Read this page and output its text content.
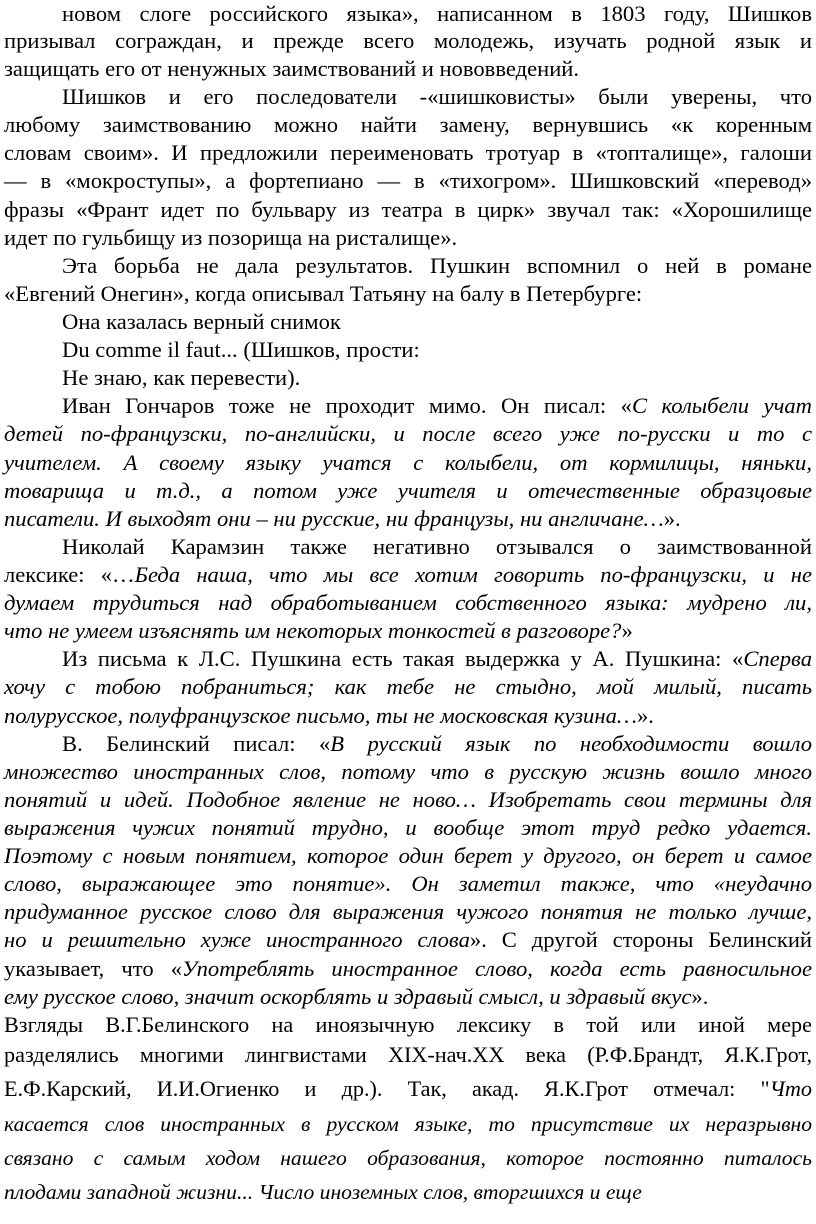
новом слоге российского языка», написанном в 1803 году, Шишков
призывал сограждан, и прежде всего молодежь, изучать родной язык и
защищать его от ненужных заимствований и нововведений.
Шишков и его последователи -«шишковисты» были уверены, что
любому заимствованию можно найти замену, вернувшись «к коренным
словам своим». И предложили переименовать тротуар в «топталище», галоши
— в «мокроступы», а фортепиано — в «тихогром». Шишковский «перевод»
фразы «Франт идет по бульвару из театра в цирк» звучал так: «Хорошилище
идет по гульбищу из позорища на ристалище».
Эта борьба не дала результатов. Пушкин вспомнил о ней в романе
«Евгений Онегин», когда описывал Татьяну на балу в Петербурге:
Она казалась верный снимок
Du comme il faut... (Шишков, прости:
Не знаю, как перевести).
Иван Гончаров тоже не проходит мимо. Он писал: «С колыбели учат
детей по-французски, по-английски, и после всего уже по-русски и то с
учителем. А своему языку учатся с колыбели, от кормилицы, няньки,
товарища и т.д., а потом уже учителя и отечественные образцовые
писатели. И выходят они – ни русские, ни французы, ни англичане…».
Николай Карамзин также негативно отзывался о заимствованной
лексике: «…Беда наша, что мы все хотим говорить по-французски, и не
думаем трудиться над обработыванием собственного языка: мудрено ли,
что не умеем изъяснять им некоторых тонкостей в разговоре?»
Из письма к Л.С. Пушкина есть такая выдержка у А. Пушкина: «Сперва
хочу с тобою побраниться; как тебе не стыдно, мой милый, писать
полурусское, полуфранцузское письмо, ты не московская кузина…».
В. Белинский писал: «В русский язык по необходимости вошло
множество иностранных слов, потому что в русскую жизнь вошло много
понятий и идей. Подобное явление не ново… Изобретать свои термины для
выражения чужих понятий трудно, и вообще этот труд редко удается.
Поэтому с новым понятием, которое один берет у другого, он берет и самое
слово, выражающее это понятие». Он заметил также, что «неудачно
придуманное русское слово для выражения чужого понятия не только лучше,
но и решительно хуже иностранного слова». С другой стороны Белинский
указывает, что «Употреблять иностранное слово, когда есть равносильное
ему русское слово, значит оскорблять и здравый смысл, и здравый вкус».
Взгляды В.Г.Белинского на иноязычную лексику в той или иной мере
разделялись многими лингвистами XIX-нач.XX века (Р.Ф.Брандт, Я.К.Грот,
Е.Ф.Карский, И.И.Огиенко и др.). Так, акад. Я.К.Грот отмечал: "Что
касается слов иностранных в русском языке, то присутствие их неразрывно
связано с самым ходом нашего образования, которое постоянно питалось
плодами западной жизни... Число иноземных слов, вторгшихся и еще
